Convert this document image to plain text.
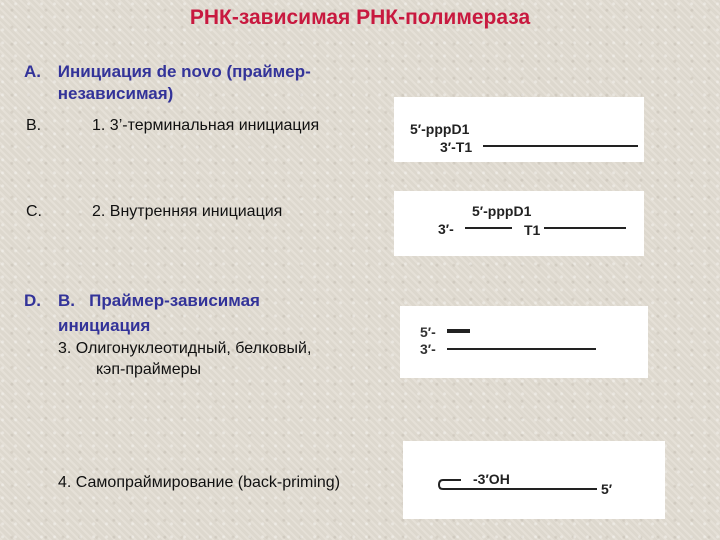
РНК-зависимая РНК-полимераза
A. Инициация de novo (праймер-
независимая)
B.	1. 3’-терминальная инициация
C.	2. Внутренняя инициация
D. B.   Праймер-зависимая
инициация
3. Олигонуклеотидный, белковый,
кэп-праймеры
4. Самопраймирование (back-priming)
5′-pppD1
3′-T1
5′-pppD1
3′-	T1
5′-
3′-
-3′OH
5′
